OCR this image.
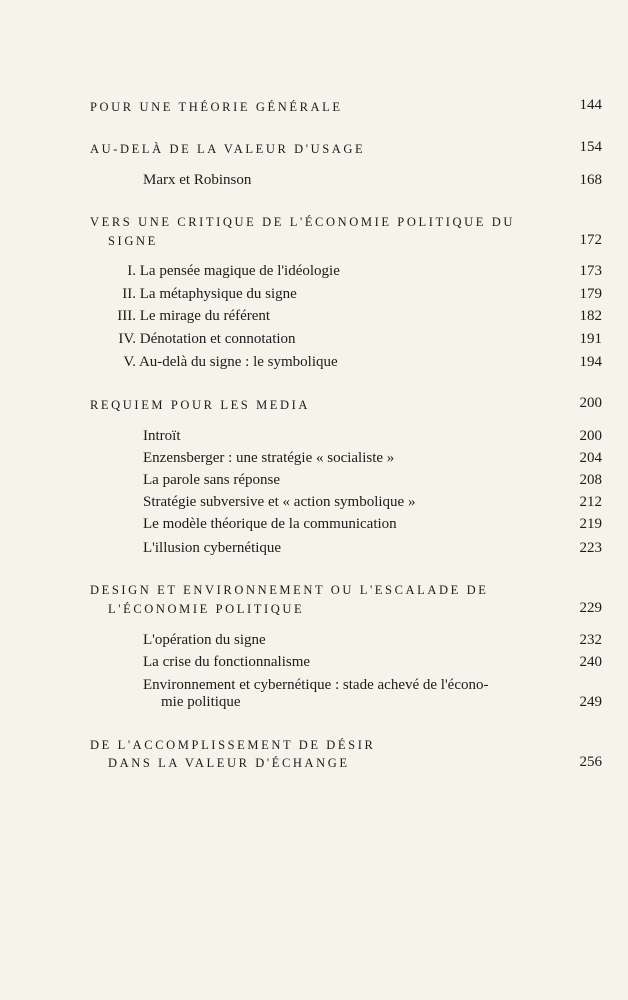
POUR UNE THÉORIE GÉNÉRALE	144
AU-DELÀ DE LA VALEUR D'USAGE	154
Marx et Robinson	168
VERS UNE CRITIQUE DE L'ÉCONOMIE POLITIQUE DU
SIGNE	172
I. La pensée magique de l'idéologie	173
II. La métaphysique du signe	179
III. Le mirage du référent	182
IV. Dénotation et connotation	191
V. Au-delà du signe : le symbolique	194
REQUIEM POUR LES MEDIA	200
Introït	200
Enzensberger : une stratégie « socialiste »	204
La parole sans réponse	208
Stratégie subversive et « action symbolique »	212
Le modèle théorique de la communication	219
L'illusion cybernétique	223
DESIGN ET ENVIRONNEMENT OU L'ESCALADE DE
L'ÉCONOMIE POLITIQUE	229
L'opération du signe	232
La crise du fonctionnalisme	240
Environnement et cybernétique : stade achevé de l'écono-
mie politique	249
DE L'ACCOMPLISSEMENT DE DÉSIR
DANS LA VALEUR D'ÉCHANGE	256
